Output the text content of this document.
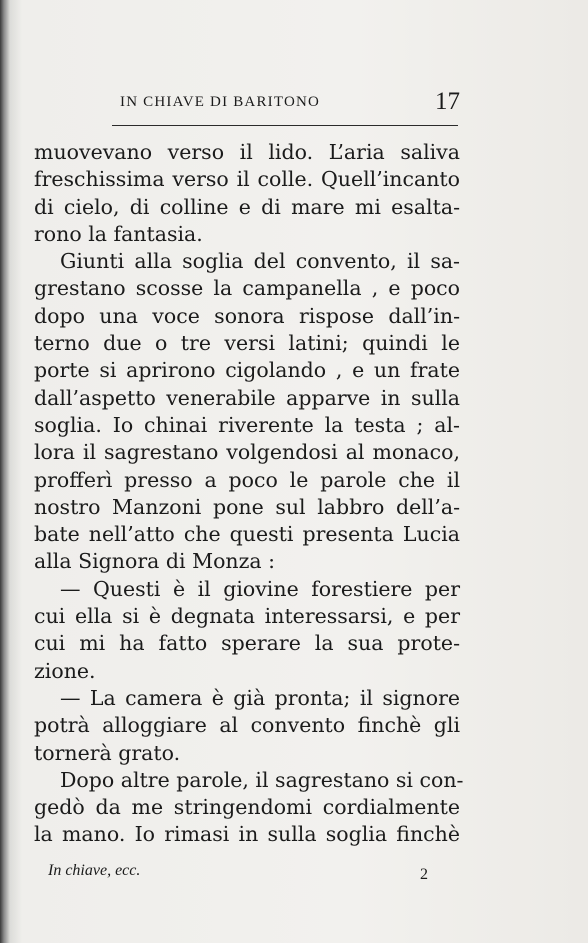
IN CHIAVE DI BARITONO	17
muovevano verso il lido. L’aria saliva
freschissima verso il colle. Quell’incanto
di cielo, di colline e di mare mi esalta-
rono la fantasia.
Giunti alla soglia del convento, il sa-
grestano scosse la campanella , e poco
dopo una voce sonora rispose dall’in-
terno due o tre versi latini; quindi le
porte si aprirono cigolando , e un frate
dall’aspetto venerabile apparve in sulla
soglia. Io chinai riverente la testa ; al-
lora il sagrestano volgendosi al monaco,
profferì presso a poco le parole che il
nostro Manzoni pone sul labbro dell’a-
bate nell’atto che questi presenta Lucia
alla Signora di Monza :
— Questi è il giovine forestiere per
cui ella si è degnata interessarsi, e per
cui mi ha fatto sperare la sua prote-
zione.
— La camera è già pronta; il signore
potrà alloggiare al convento finchè gli
tornerà grato.
Dopo altre parole, il sagrestano si con-
gedò da me stringendomi cordialmente
la mano. Io rimasi in sulla soglia finchè
In chiave, ecc.	2
